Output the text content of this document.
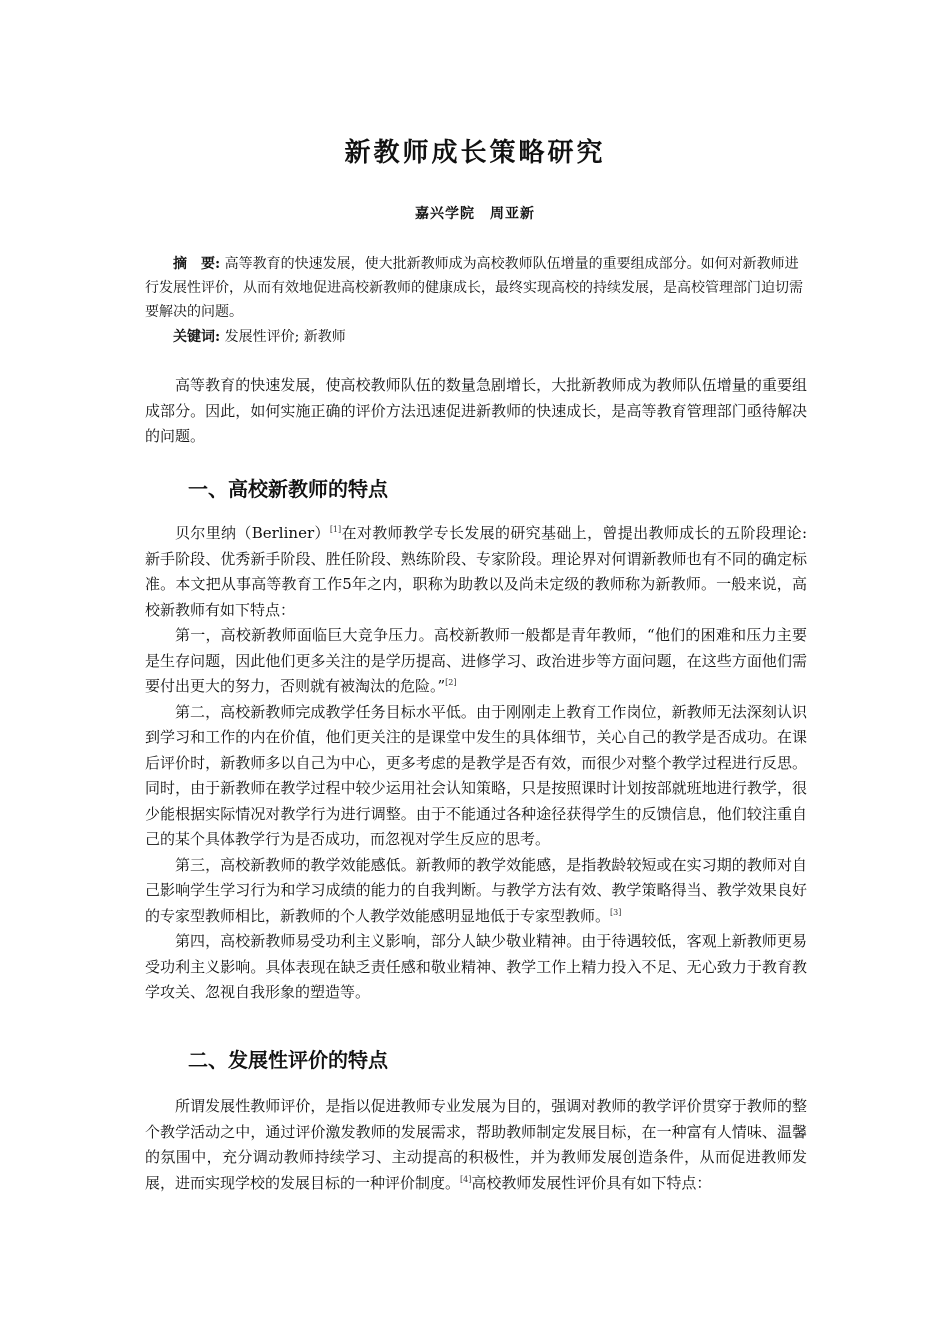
新教师成长策略研究

嘉兴学院　周亚新

摘　要: 高等教育的快速发展，使大批新教师成为高校教师队伍增量的重要组成部分。如何对新教师进行发展性评价，从而有效地促进高校新教师的健康成长，最终实现高校的持续发展，是高校管理部门迫切需要解决的问题。

关键词: 发展性评价; 新教师

高等教育的快速发展，使高校教师队伍的数量急剧增长，大批新教师成为教师队伍增量的重要组成部分。因此，如何实施正确的评价方法迅速促进新教师的快速成长，是高等教育管理部门亟待解决的问题。

一、高校新教师的特点

贝尔里纳（Berliner）[1]在对教师教学专长发展的研究基础上，曾提出教师成长的五阶段理论:新手阶段、优秀新手阶段、胜任阶段、熟练阶段、专家阶段。理论界对何谓新教师也有不同的确定标准。本文把从事高等教育工作5年之内，职称为助教以及尚未定级的教师称为新教师。一般来说，高校新教师有如下特点：

第一，高校新教师面临巨大竞争压力。高校新教师一般都是青年教师，“他们的困难和压力主要是生存问题，因此他们更多关注的是学历提高、进修学习、政治进步等方面问题，在这些方面他们需要付出更大的努力，否则就有被淘汰的危险。”[2]

第二，高校新教师完成教学任务目标水平低。由于刚刚走上教育工作岗位，新教师无法深刻认识到学习和工作的内在价值，他们更关注的是课堂中发生的具体细节，关心自己的教学是否成功。在课后评价时，新教师多以自己为中心，更多考虑的是教学是否有效，而很少对整个教学过程进行反思。同时，由于新教师在教学过程中较少运用社会认知策略，只是按照课时计划按部就班地进行教学，很少能根据实际情况对教学行为进行调整。由于不能通过各种途径获得学生的反馈信息，他们较注重自己的某个具体教学行为是否成功，而忽视对学生反应的思考。

第三，高校新教师的教学效能感低。新教师的教学效能感，是指教龄较短或在实习期的教师对自己影响学生学习行为和学习成绩的能力的自我判断。与教学方法有效、教学策略得当、教学效果良好的专家型教师相比，新教师的个人教学效能感明显地低于专家型教师。[3]

第四，高校新教师易受功利主义影响，部分人缺少敬业精神。由于待遇较低，客观上新教师更易受功利主义影响。具体表现在缺乏责任感和敬业精神、教学工作上精力投入不足、无心致力于教育教学攻关、忽视自我形象的塑造等。

二、发展性评价的特点

所谓发展性教师评价，是指以促进教师专业发展为目的，强调对教师的教学评价贯穿于教师的整个教学活动之中，通过评价激发教师的发展需求，帮助教师制定发展目标，在一种富有人情味、温馨的氛围中，充分调动教师持续学习、主动提高的积极性，并为教师发展创造条件，从而促进教师发展，进而实现学校的发展目标的一种评价制度。[4]高校教师发展性评价具有如下特点：
